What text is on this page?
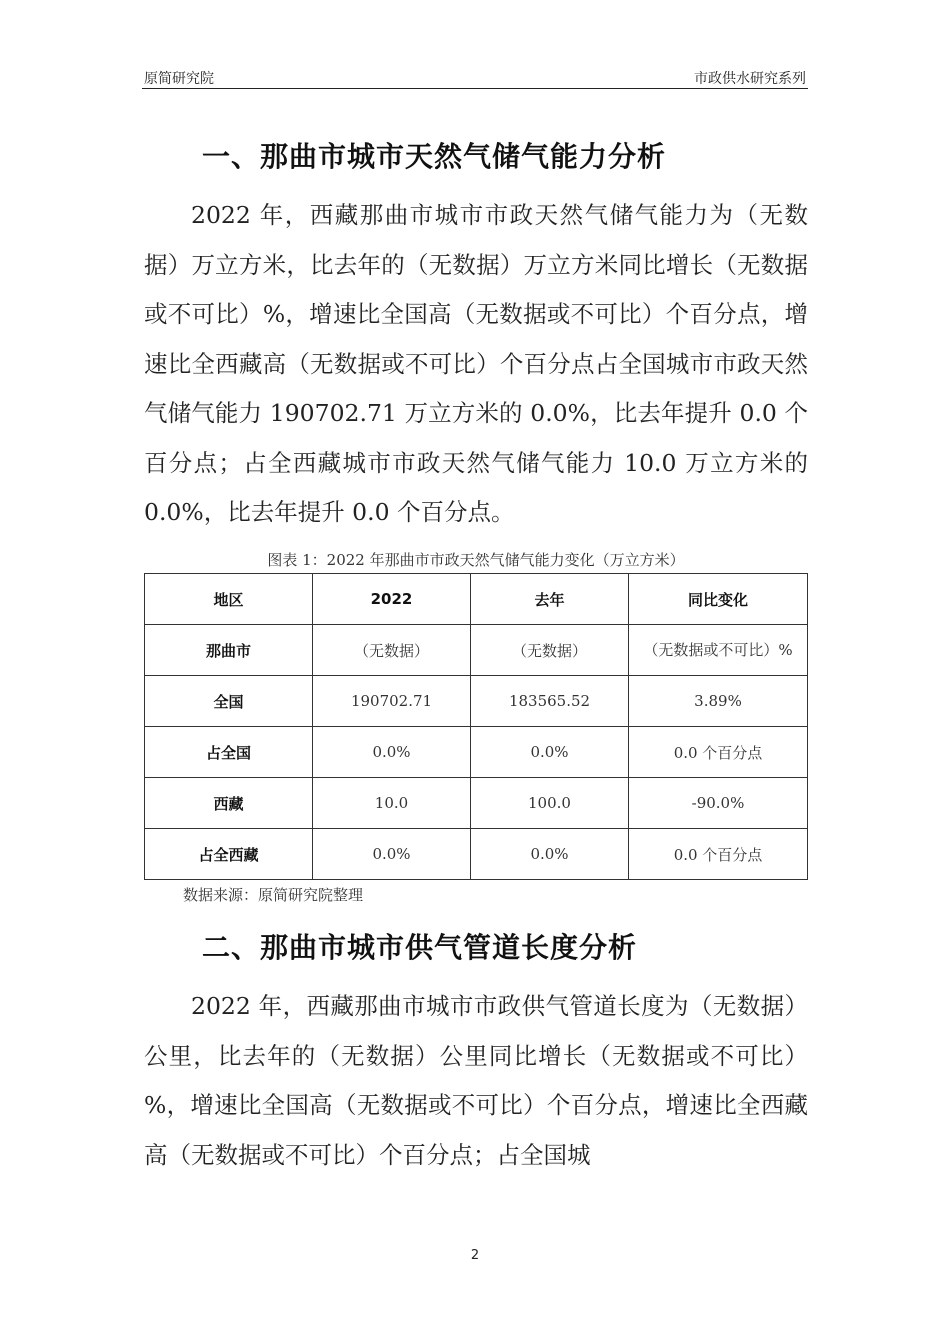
原简研究院	市政供水研究系列
一、那曲市城市天然气储气能力分析

2022 年，西藏那曲市城市市政天然气储气能力为（无数据）万立方米，比去年的（无数据）万立方米同比增长（无数据或不可比）%，增速比全国高（无数据或不可比）个百分点，增速比全西藏高（无数据或不可比）个百分点占全国城市市政天然气储气能力 190702.71 万立方米的 0.0%，比去年提升 0.0 个百分点；占全西藏城市市政天然气储气能力 10.0 万立方米的 0.0%，比去年提升 0.0 个百分点。

图表 1：2022 年那曲市市政天然气储气能力变化（万立方米）
地区	2022	去年	同比变化
那曲市	（无数据）	（无数据）	（无数据或不可比）%
全国	190702.71	183565.52	3.89%
占全国	0.0%	0.0%	0.0 个百分点
西藏	10.0	100.0	-90.0%
占全西藏	0.0%	0.0%	0.0 个百分点
数据来源：原简研究院整理
二、那曲市城市供气管道长度分析

2022 年，西藏那曲市城市市政供气管道长度为（无数据）公里，比去年的（无数据）公里同比增长（无数据或不可比）%，增速比全国高（无数据或不可比）个百分点，增速比全西藏高（无数据或不可比）个百分点；占全国城

2
